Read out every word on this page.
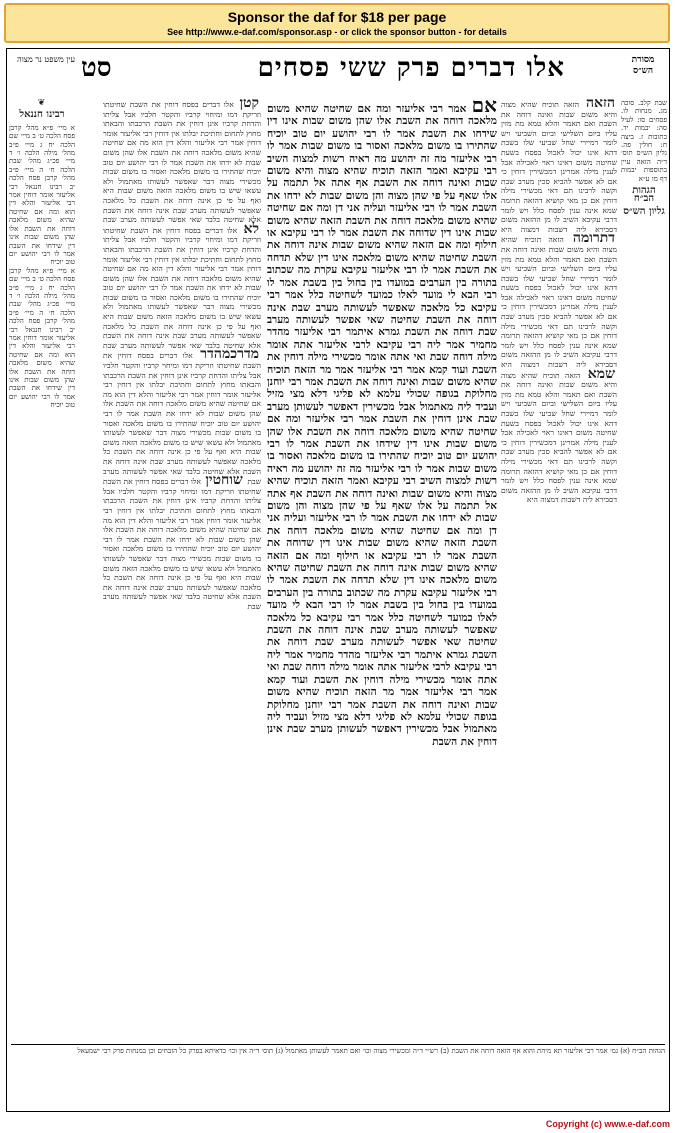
Sponsor the daf for $18 per page
See http://www.e-daf.com/sponsor.asp - or click the sponsor button - for details
מסורת הש״ס
אלו דברים פרק ששי פסחים
סט
עין משפט נר מצוה
שבת קלב. סוכה מג. מנחות לו. פסחים סו: לעיל סה: יבמות יד. כתובות ז. ביצה ח: חולין פה. גליון הש״ס תוס׳ ד״ה הזאה עיין בתוספות יבמות דף מו ע״א
הגהות הב״ח
גליון הש״ס
הזאה הזאה תוכיח שהיא מצוה והיא משום שבות ואינה דוחה את השבת ואם תאמר והלא טמא מת מזין עליו ביום השלישי וביום השביעי ויש לומר דמיירי שחל שביעי שלו בשבת דהא אינו יכול לאכול בפסח בשעת שחיטה משום דאינו ראוי לאכילה אבל לענין מילה אמרינן דמכשירין דוחין כי אם לא אפשר להביא סכין מערב שבת וקשה לרבינו תם דאי מכשירי מילה דוחין אם כן מאי קושיא דהזאה תרומה שמא אינה ענין לפסח כלל ויש לומר דרבי עקיבא השיב לו מן ההזאה משום דסבירא ליה דשבות דמצוה היא דתרומה הזאה תוכיח שהיא מצוה והיא משום שבות ואינה דוחה את השבת ואם תאמר והלא טמא מת מזין עליו ביום השלישי וביום השביעי ויש לומר דמיירי שחל שביעי שלו בשבת דהא אינו יכול לאכול בפסח בשעת שחיטה משום דאינו ראוי לאכילה אבל לענין מילה אמרינן דמכשירין דוחין כי אם לא אפשר להביא סכין מערב שבת וקשה לרבינו תם דאי מכשירי מילה דוחין אם כן מאי קושיא דהזאה תרומה שמא אינה ענין לפסח כלל ויש לומר דרבי עקיבא השיב לו מן ההזאה משום דסבירא ליה דשבות דמצוה היא שמא הזאה תוכיח שהיא מצוה והיא משום שבות ואינה דוחה את השבת ואם תאמר והלא טמא מת מזין עליו ביום השלישי וביום השביעי ויש לומר דמיירי שחל שביעי שלו בשבת דהא אינו יכול לאכול בפסח בשעת שחיטה משום דאינו ראוי לאכילה אבל לענין מילה אמרינן דמכשירין דוחין כי אם לא אפשר להביא סכין מערב שבת וקשה לרבינו תם דאי מכשירי מילה דוחין אם כן מאי קושיא דהזאה תרומה שמא אינה ענין לפסח כלל ויש לומר דרבי עקיבא השיב לו מן ההזאה משום דסבירא ליה דשבות דמצוה היא
אם אמר רבי אליעזר ומה אם שחיטה שהיא משום מלאכה דוחה את השבת אלו שהן משום שבות אינו דין שידחו את השבת אמר לו רבי יהושע יום טוב יוכיח שהתירו בו משום מלאכה ואסור בו משום שבות אמר לו רבי אליעזר מה זה יהושע מה ראיה רשות למצוה השיב רבי עקיבא ואמר הזאה תוכיח שהיא מצוה והיא משום שבות ואינה דוחה את השבת אף אתה אל תתמה על אלו שאף על פי שהן מצוה והן משום שבות לא ידחו את השבת אמר לו רבי אליעזר ועליה אני דן ומה אם שחיטה שהיא משום מלאכה דוחה את השבת הזאה שהיא משום שבות אינו דין שדוחה את השבת אמר לו רבי עקיבא או חילוף ומה אם הזאה שהיא משום שבות אינה דוחה את השבת שחיטה שהיא משום מלאכה אינו דין שלא תדחה את השבת אמר לו רבי אליעזר עקיבא עקרת מה שכתוב בתורה בין הערבים במועדו בין בחול בין בשבת אמר לו רבי הבא לי מועד לאלו כמועד לשחיטה כלל אמר רבי עקיבא כל מלאכה שאפשר לעשותה מערב שבת אינה דוחה את השבת שחיטה שאי אפשר לעשותה מערב שבת דוחה את השבת גמרא איתמר רבי אליעזר מהדר מחמיר אמר ליה רבי עקיבא לרבי אליעזר אתה אומר מילה דוחה שבת ואי אתה אומר מכשירי מילה דוחין את השבת ועוד קמא אמר רבי אליעזר אמר מר הזאה תוכיח שהיא משום שבות ואינה דוחה את השבת אמר רבי יוחנן מחלוקת בגופה שכולי עלמא לא פליגי דלא מצי מזיל ועביד ליה מאתמול אבל מכשירין דאפשר לעשותן מערב שבת אינן דוחין את השבת אמר רבי אליעזר ומה אם שחיטה שהיא משום מלאכה דוחה את השבת אלו שהן משום שבות אינו דין שידחו את השבת אמר לו רבי יהושע יום טוב יוכיח שהתירו בו משום מלאכה ואסור בו משום שבות אמר לו רבי אליעזר מה זה יהושע מה ראיה רשות למצוה השיב רבי עקיבא ואמר הזאה תוכיח שהיא מצוה והיא משום שבות ואינה דוחה את השבת אף אתה אל תתמה על אלו שאף על פי שהן מצוה והן משום שבות לא ידחו את השבת אמר לו רבי אליעזר ועליה אני דן ומה אם שחיטה שהיא משום מלאכה דוחה את השבת הזאה שהיא משום שבות אינו דין שדוחה את השבת אמר לו רבי עקיבא או חילוף ומה אם הזאה שהיא משום שבות אינה דוחה את השבת שחיטה שהיא משום מלאכה אינו דין שלא תדחה את השבת אמר לו רבי אליעזר עקיבא עקרת מה שכתוב בתורה בין הערבים במועדו בין בחול בין בשבת אמר לו רבי הבא לי מועד לאלו כמועד לשחיטה כלל אמר רבי עקיבא כל מלאכה שאפשר לעשותה מערב שבת אינה דוחה את השבת שחיטה שאי אפשר לעשותה מערב שבת דוחה את השבת גמרא איתמר רבי אליעזר מהדר מחמיר אמר ליה רבי עקיבא לרבי אליעזר אתה אומר מילה דוחה שבת ואי אתה אומר מכשירי מילה דוחין את השבת ועוד קמא אמר רבי אליעזר אמר מר הזאה תוכיח שהיא משום שבות ואינה דוחה את השבת אמר רבי יוחנן מחלוקת בגופה שכולי עלמא לא פליגי דלא מצי מזיל ועביד ליה מאתמול אבל מכשירין דאפשר לעשותן מערב שבת אינן דוחין את השבת
קטן אלו דברים בפסח דוחין את השבת שחיטתו וזריקת דמו ומיחוי קרביו והקטר חלביו אבל צליתו והדחת קרביו אינן דוחין את השבת הרכבתו והבאתו מחוץ לתחום וחתיכת יבלתו אין דוחין רבי אליעזר אומר דוחין אמר רבי אליעזר והלא דין הוא מה אם שחיטה שהיא משום מלאכה דוחה את השבת אלו שהן משום שבות לא ידחו את השבת אמר לו רבי יהושע יום טוב יוכיח שהתירו בו משום מלאכה ואסור בו משום שבות מכשירי מצוה דבר שאפשר לעשותו מאתמול ולא עשאו שיש בו משום מלאכה הזאה משום שבות היא ואף על פי כן אינה דוחה את השבת כל מלאכה שאפשר לעשותה מערב שבת אינה דוחה את השבת אלא שחיטה בלבד שאי אפשר לעשותה מערב שבת לא אלו דברים בפסח דוחין את השבת שחיטתו וזריקת דמו ומיחוי קרביו והקטר חלביו אבל צליתו והדחת קרביו אינן דוחין את השבת הרכבתו והבאתו מחוץ לתחום וחתיכת יבלתו אין דוחין רבי אליעזר אומר דוחין אמר רבי אליעזר והלא דין הוא מה אם שחיטה שהיא משום מלאכה דוחה את השבת אלו שהן משום שבות לא ידחו את השבת אמר לו רבי יהושע יום טוב יוכיח שהתירו בו משום מלאכה ואסור בו משום שבות מכשירי מצוה דבר שאפשר לעשותו מאתמול ולא עשאו שיש בו משום מלאכה הזאה משום שבות היא ואף על פי כן אינה דוחה את השבת כל מלאכה שאפשר לעשותה מערב שבת אינה דוחה את השבת אלא שחיטה בלבד שאי אפשר לעשותה מערב שבת מדרכמהדר אלו דברים בפסח דוחין את השבת שחיטתו וזריקת דמו ומיחוי קרביו והקטר חלביו אבל צליתו והדחת קרביו אינן דוחין את השבת הרכבתו והבאתו מחוץ לתחום וחתיכת יבלתו אין דוחין רבי אליעזר אומר דוחין אמר רבי אליעזר והלא דין הוא מה אם שחיטה שהיא משום מלאכה דוחה את השבת אלו שהן משום שבות לא ידחו את השבת אמר לו רבי יהושע יום טוב יוכיח שהתירו בו משום מלאכה ואסור בו משום שבות מכשירי מצוה דבר שאפשר לעשותו מאתמול ולא עשאו שיש בו משום מלאכה הזאה משום שבות היא ואף על פי כן אינה דוחה את השבת כל מלאכה שאפשר לעשותה מערב שבת אינה דוחה את השבת אלא שחיטה בלבד שאי אפשר לעשותה מערב שבת שוחטין אלו דברים בפסח דוחין את השבת שחיטתו וזריקת דמו ומיחוי קרביו והקטר חלביו אבל צליתו והדחת קרביו אינן דוחין את השבת הרכבתו והבאתו מחוץ לתחום וחתיכת יבלתו אין דוחין רבי אליעזר אומר דוחין אמר רבי אליעזר והלא דין הוא מה אם שחיטה שהיא משום מלאכה דוחה את השבת אלו שהן משום שבות לא ידחו את השבת אמר לו רבי יהושע יום טוב יוכיח שהתירו בו משום מלאכה ואסור בו משום שבות מכשירי מצוה דבר שאפשר לעשותו מאתמול ולא עשאו שיש בו משום מלאכה הזאה משום שבות היא ואף על פי כן אינה דוחה את השבת כל מלאכה שאפשר לעשותה מערב שבת אינה דוחה את השבת אלא שחיטה בלבד שאי אפשר לעשותה מערב שבת
❦
רבינו חננאל
א מיי׳ פ״א מהל׳ קרבן פסח הלכה ט׳ ב מיי׳ שם הלכה יח ג מיי׳ פ״ב מהל׳ מילה הלכה ו׳ ד מיי׳ פכ״ג מהל׳ שבת הלכה ח׳ ה מיי׳ פ״ב מהל׳ קרבן פסח הלכה יב רבינו חננאל רבי אליעזר אומר דוחין אמר רבי אליעזר והלא דין הוא ומה אם שחיטה שהיא משום מלאכה דוחה את השבת אלו שהן משום שבות אינו דין שידחו את השבת אמר לו רבי יהושע יום טוב יוכיח
א מיי׳ פ״א מהל׳ קרבן פסח הלכה ט׳ ב מיי׳ שם הלכה יח ג מיי׳ פ״ב מהל׳ מילה הלכה ו׳ ד מיי׳ פכ״ג מהל׳ שבת הלכה ח׳ ה מיי׳ פ״ב מהל׳ קרבן פסח הלכה יב רבינו חננאל רבי אליעזר אומר דוחין אמר רבי אליעזר והלא דין הוא ומה אם שחיטה שהיא משום מלאכה דוחה את השבת אלו שהן משום שבות אינו דין שידחו את השבת אמר לו רבי יהושע יום טוב יוכיח
הגהות הב״ח (א) גמ׳ אמר רבי אליעזר תא מיהת והוא אף הזאה דוחה את השבת (ב) רש״י ד״ה ומכשירי מצוה וכו׳ ואם תאמר לעשותן מאתמול (ג) תוס׳ ד״ה אין וכו׳ כדאיתא בפרק כל הזבחים וכן במנחות פרק רבי ישמעאל
Copyright (c) www.e-daf.com
